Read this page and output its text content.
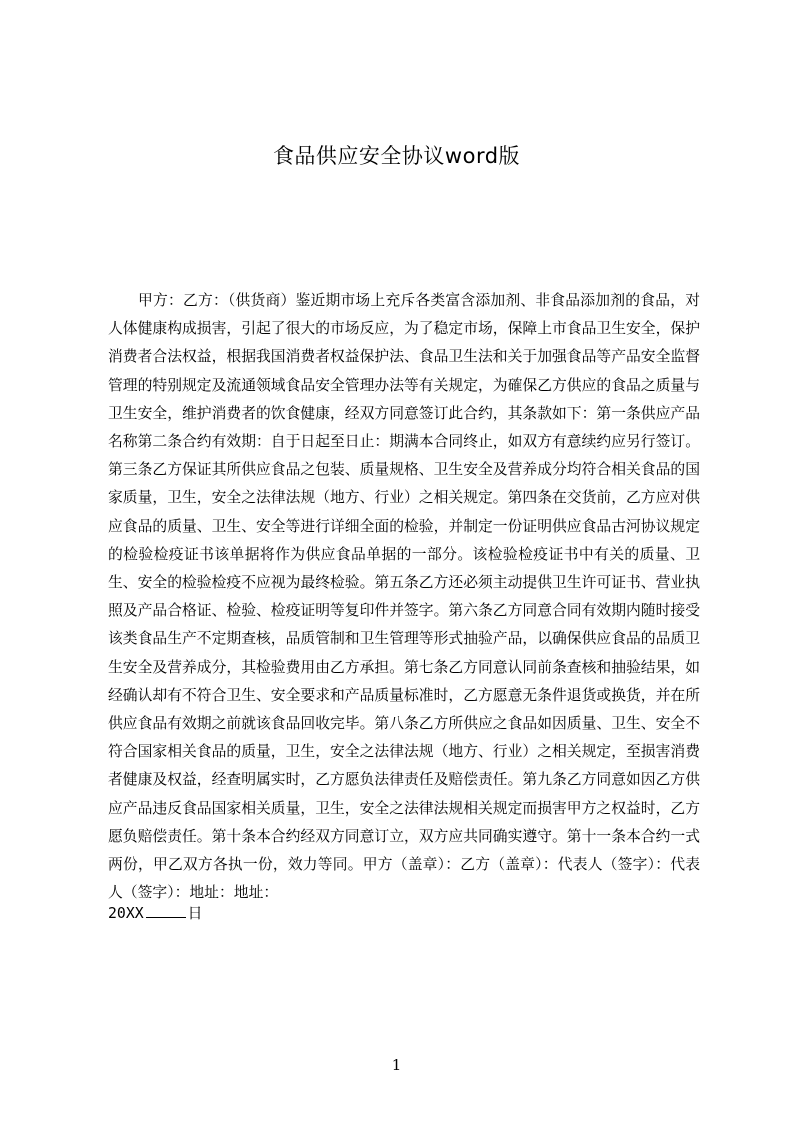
食品供应安全协议word版

甲方：乙方：（供货商）鉴近期市场上充斥各类富含添加剂、非食品添加剂的食品，对人体健康构成损害，引起了很大的市场反应，为了稳定市场，保障上市食品卫生安全，保护消费者合法权益，根据我国消费者权益保护法、食品卫生法和关于加强食品等产品安全监督管理的特别规定及流通领域食品安全管理办法等有关规定，为確保乙方供应的食品之质量与卫生安全，维护消费者的饮食健康，经双方同意签订此合约，其条款如下：第一条供应产品名称第二条合约有效期：自于日起至日止：期满本合同终止，如双方有意续约应另行签订。第三条乙方保证其所供应食品之包装、质量规格、卫生安全及营养成分均符合相关食品的国家质量，卫生，安全之法律法规（地方、行业）之相关规定。第四条在交货前，乙方应对供应食品的质量、卫生、安全等进行详细全面的检验，并制定一份证明供应食品古河协议规定的检验检疫证书该单据将作为供应食品单据的一部分。该检验检疫证书中有关的质量、卫生、安全的检验检疫不应视为最终检验。第五条乙方还必须主动提供卫生许可证书、营业执照及产品合格证、检验、检疫证明等复印件并签字。第六条乙方同意合同有效期内随时接受该类食品生产不定期查核，品质管制和卫生管理等形式抽验产品，以确保供应食品的品质卫生安全及营养成分，其检验费用由乙方承担。第七条乙方同意认同前条查核和抽验结果，如经确认却有不符合卫生、安全要求和产品质量标准时，乙方愿意无条件退货或换货，并在所供应食品有效期之前就该食品回收完毕。第八条乙方所供应之食品如因质量、卫生、安全不符合国家相关食品的质量，卫生，安全之法律法规（地方、行业）之相关规定，至损害消费者健康及权益，经查明属实时，乙方愿负法律责任及赔偿责任。第九条乙方同意如因乙方供应产品违反食品国家相关质量，卫生，安全之法律法规相关规定而损害甲方之权益时，乙方愿负赔偿责任。第十条本合约经双方同意订立，双方应共同确实遵守。第十一条本合约一式两份，甲乙双方各执一份，效力等同。甲方（盖章）：乙方（盖章）：代表人（签字）：代表人（签字）：地址：地址：

20XX	日
1
